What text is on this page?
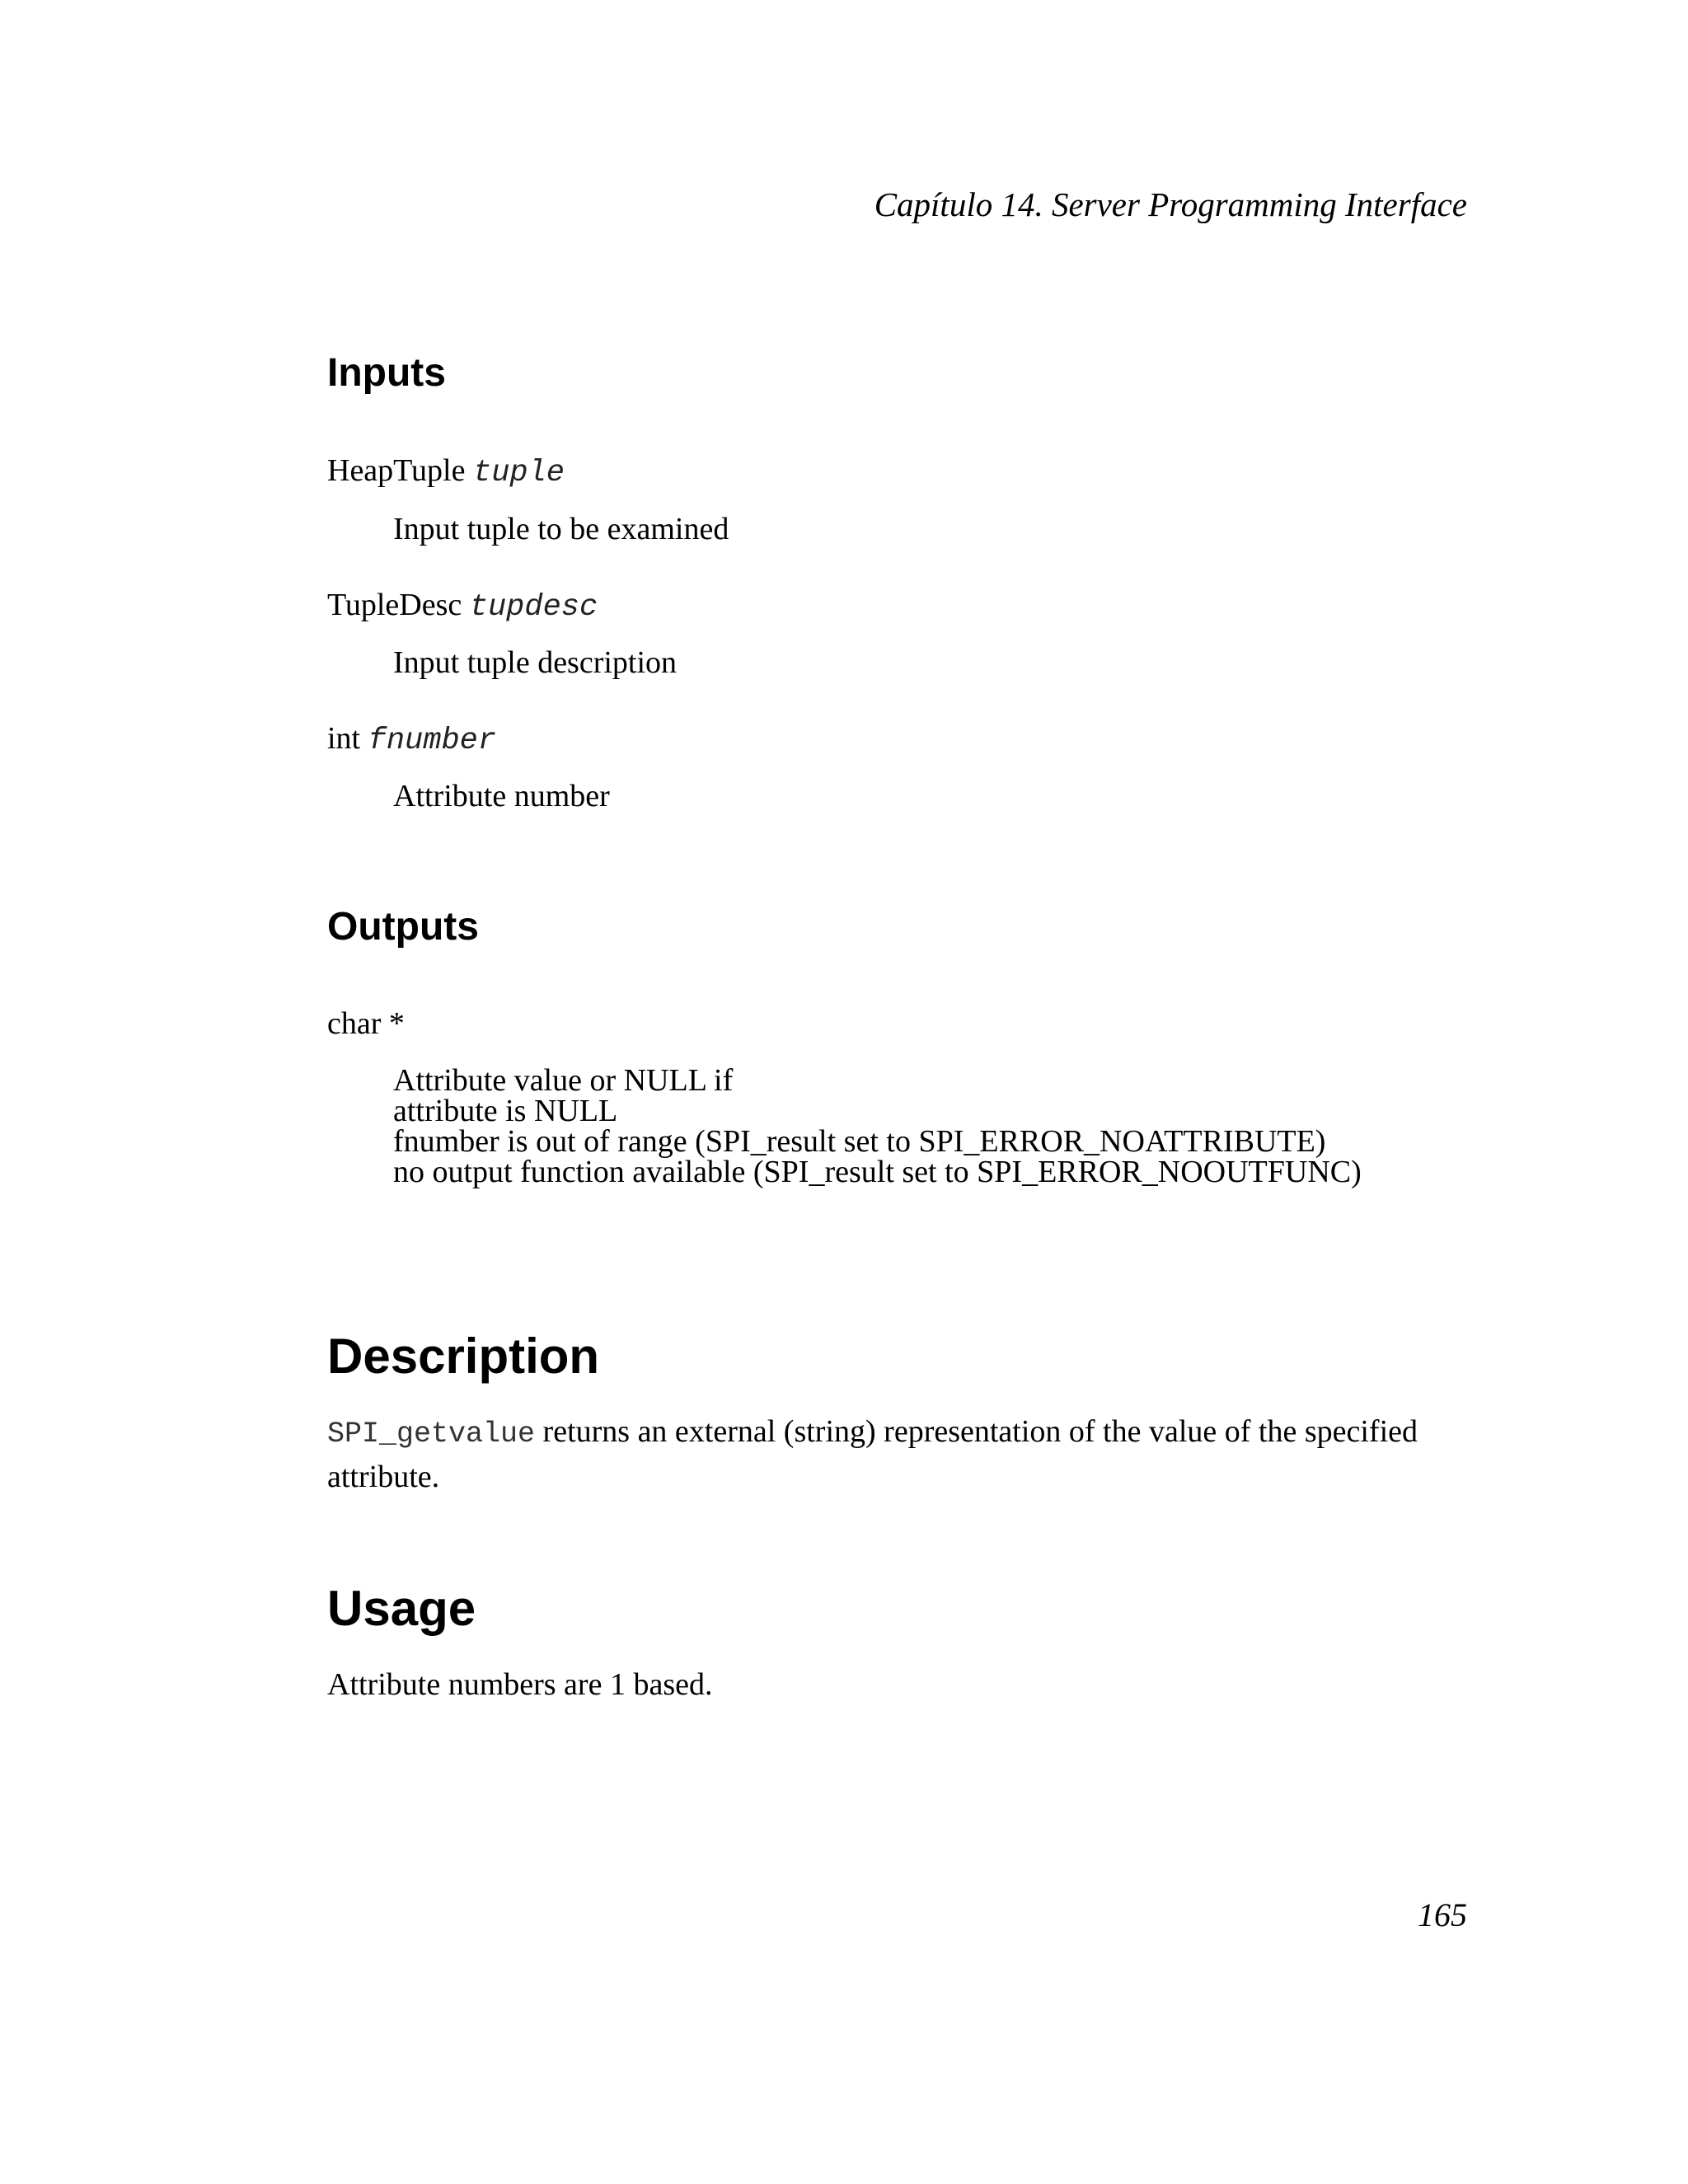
Capítulo 14. Server Programming Interface
Inputs
HeapTuple tuple
Input tuple to be examined
TupleDesc tupdesc
Input tuple description
int fnumber
Attribute number
Outputs
char *
Attribute value or NULL if
attribute is NULL
fnumber is out of range (SPI_result set to SPI_ERROR_NOATTRIBUTE)
no output function available (SPI_result set to SPI_ERROR_NOOUTFUNC)
Description
SPI_getvalue returns an external (string) representation of the value of the specified attribute.
Usage
Attribute numbers are 1 based.
165
